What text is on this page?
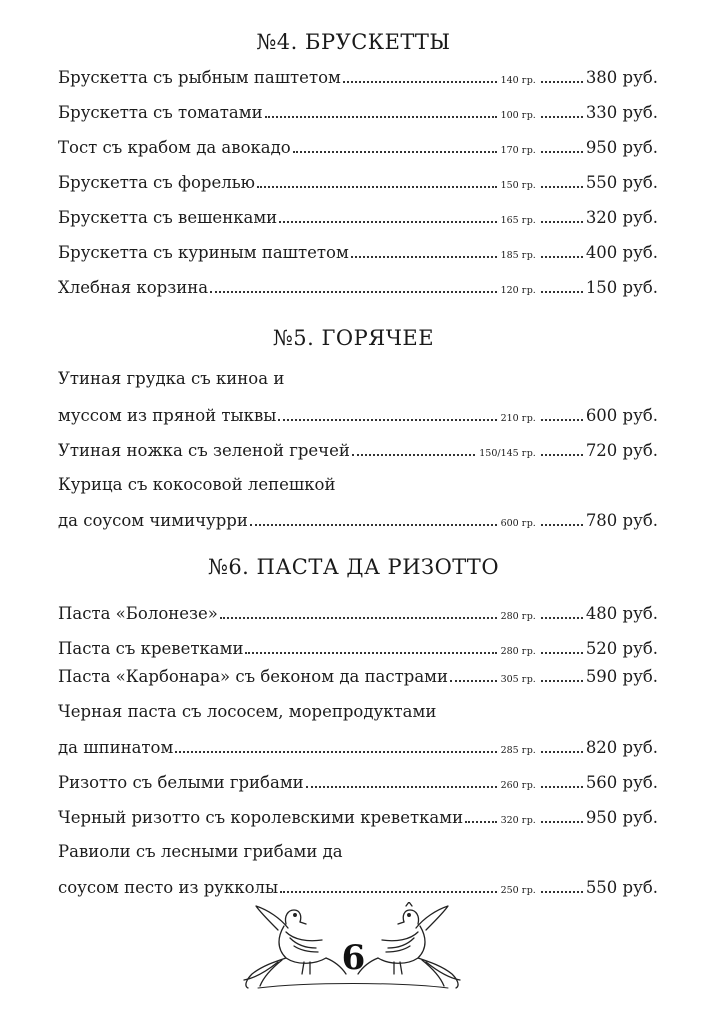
№4. БРУСКЕТТЫ
Брускетта съ рыбным паштетом	140 гр.	380 руб.
Брускетта съ томатами	100 гр.	330 руб.
Тост съ крабом да авокадо	170 гр.	950 руб.
Брускетта съ форелью	150 гр.	550 руб.
Брускетта съ вешенками	165 гр.	320 руб.
Брускетта съ куриным паштетом	185 гр.	400 руб.
Хлебная корзина	120 гр.	150 руб.
№5. ГОРЯЧЕЕ
Утиная грудка съ киноа и
муссом из пряной тыквы	210 гр.	600 руб.
Утиная ножка съ зеленой гречей	150/145 гр.	720 руб.
Курица съ кокосовой лепешкой
да соусом чимичурри	600 гр.	780 руб.
№6. ПАСТА ДА РИЗОТТО
Паста «Болонезе»	280 гр.	480 руб.
Паста съ креветками	280 гр.	520 руб.
Паста «Карбонара» съ беконом да пастрами	305 гр.	590 руб.
Черная паста съ лососем, морепродуктами
да шпинатом	285 гр.	820 руб.
Ризотто съ белыми грибами	260 гр.	560 руб.
Черный ризотто съ королевскими креветками	320 гр.	950 руб.
Равиоли съ лесными грибами да
соусом песто из рукколы	250 гр.	550 руб.
6
